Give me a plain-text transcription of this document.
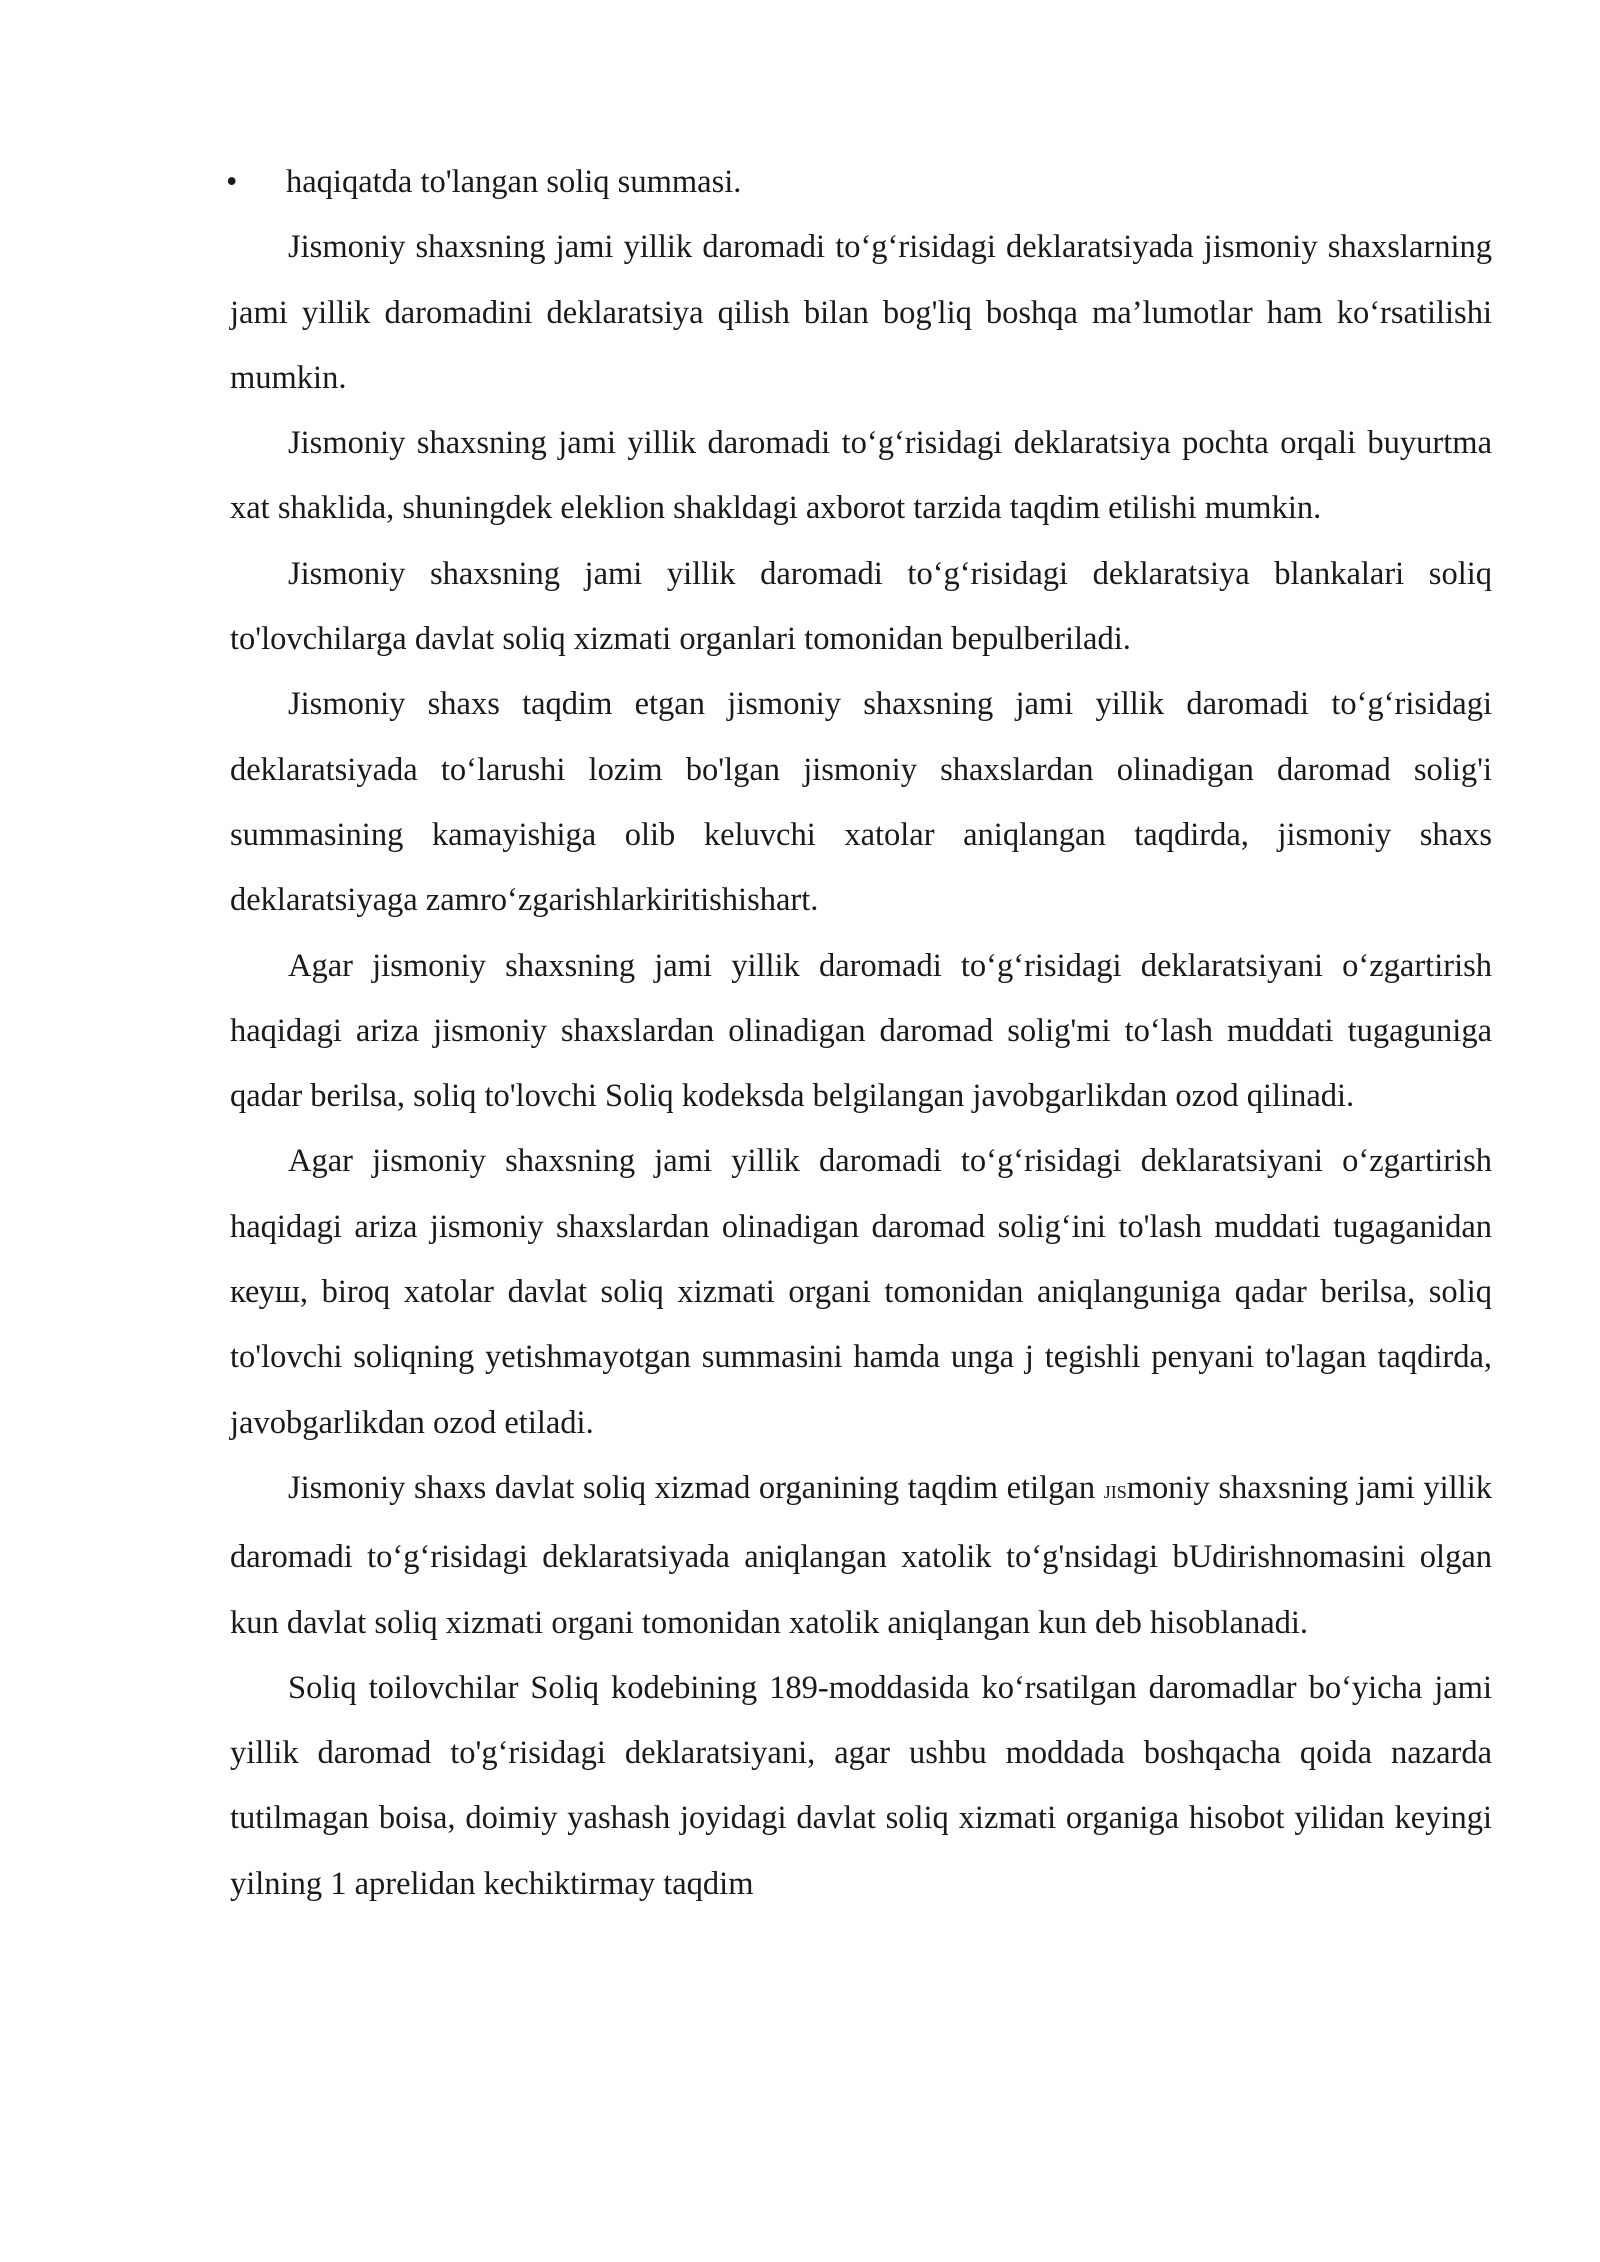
• haqiqatda to'langan soliq summasi.

Jismoniy shaxsning jami yillik daromadi to‘g‘risidagi deklaratsiyada jismoniy shaxslarning jami yillik daromadini deklaratsiya qilish bilan bog'liq boshqa ma’lumotlar ham ko‘rsatilishi mumkin.

Jismoniy shaxsning jami yillik daromadi to‘g‘risidagi deklaratsiya pochta orqali buyurtma xat shaklida, shuningdek eleklion shakldagi axborot tarzida taqdim etilishi mumkin.

Jismoniy shaxsning jami yillik daromadi to‘g‘risidagi deklaratsiya blankalari soliq to'lovchilarga davlat soliq xizmati organlari tomonidan bepulberiladi.

Jismoniy shaxs taqdim etgan jismoniy shaxsning jami yillik daromadi to‘g‘risidagi deklaratsiyada to‘larushi lozim bo'lgan jismoniy shaxslardan olinadigan daromad solig'i summasining kamayishiga olib keluvchi xatolar aniqlangan taqdirda, jismoniy shaxs deklaratsiyaga zamro‘zgarishlarkiritishishart.

Agar jismoniy shaxsning jami yillik daromadi to‘g‘risidagi deklaratsiyani o‘zgartirish haqidagi ariza jismoniy shaxslardan olinadigan daromad solig'mi to‘lash muddati tugaguniga qadar berilsa, soliq to'lovchi Soliq kodeksda belgilangan javobgarlikdan ozod qilinadi.

Agar jismoniy shaxsning jami yillik daromadi to‘g‘risidagi deklaratsiyani o‘zgartirish haqidagi ariza jismoniy shaxslardan olinadigan daromad solig‘ini to'lash muddati tugaganidan кеуш, biroq xatolar davlat soliq xizmati organi tomonidan aniqlanguniga qadar berilsa, soliq to'lovchi soliqning yetishmayotgan summasini hamda unga j tegishli penyani to'lagan taqdirda, javobgarlikdan ozod etiladi.

Jismoniy shaxs davlat soliq xizmad organining taqdim etilgan JISmoniy shaxsning jami yillik daromadi to‘g‘risidagi deklaratsiyada aniqlangan xatolik to‘g'nsidagi bUdirishnomasini olgan kun davlat soliq xizmati organi tomonidan xatolik aniqlangan kun deb hisoblanadi.

Soliq toilovchilar Soliq kodebining 189-moddasida ko‘rsatilgan daromadlar bo‘yicha jami yillik daromad to'g‘risidagi deklaratsiyani, agar ushbu moddada boshqacha qoida nazarda tutilmagan boisa, doimiy yashash joyidagi davlat soliq xizmati organiga hisobot yilidan keyingi yilning 1 aprelidan kechiktirmay taqdim
